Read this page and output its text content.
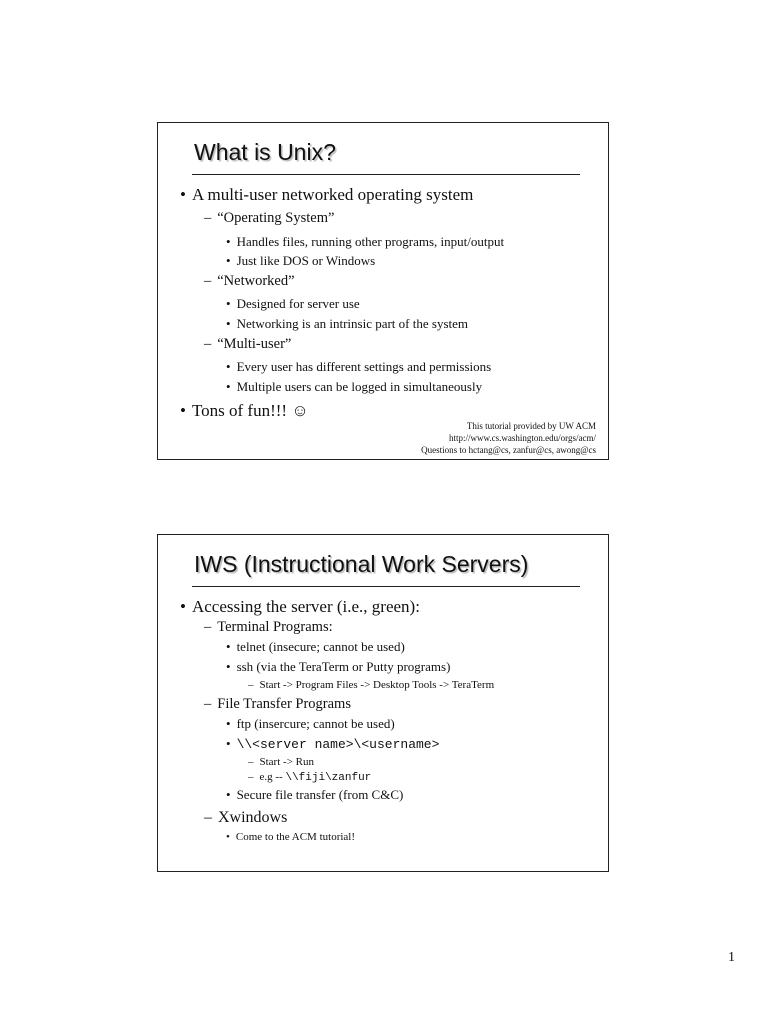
What is Unix?
• A multi-user networked operating system
– “Operating System”
• Handles files, running other programs, input/output
• Just like DOS or Windows
– “Networked”
• Designed for server use
• Networking is an intrinsic part of the system
– “Multi-user”
• Every user has different settings and permissions
• Multiple users can be logged in simultaneously
• Tons of fun!!! ☺
This tutorial provided by UW ACM
http://www.cs.washington.edu/orgs/acm/
Questions to hctang@cs, zanfur@cs, awong@cs
IWS (Instructional Work Servers)
• Accessing the server (i.e., green):
– Terminal Programs:
• telnet (insecure; cannot be used)
• ssh (via the TeraTerm or Putty programs)
– Start -> Program Files -> Desktop Tools -> TeraTerm
– File Transfer Programs
• ftp (insercure; cannot be used)
• \\<server name>\<username>
– Start -> Run
– e.g -- \\fiji\zanfur
• Secure file transfer (from C&C)
– Xwindows
• Come to the ACM tutorial!
1
